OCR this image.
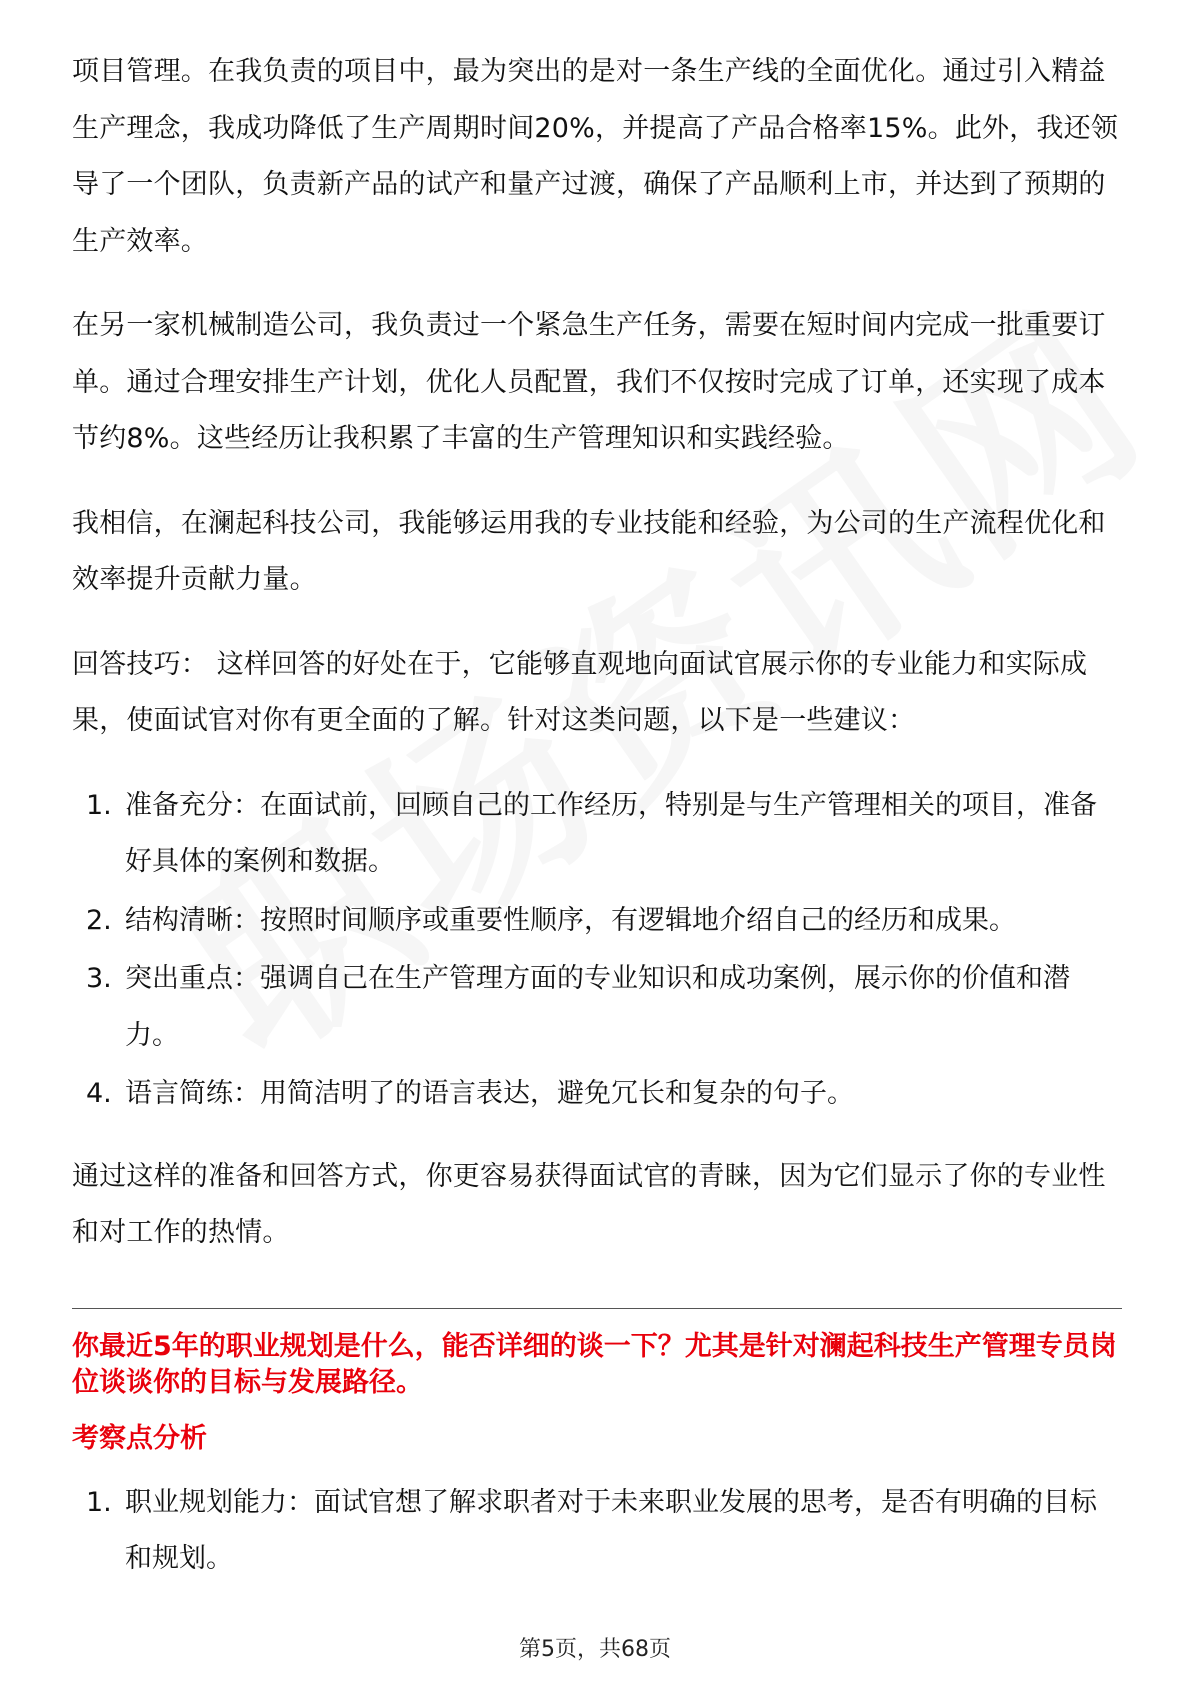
项目管理。在我负责的项目中，最为突出的是对一条生产线的全面优化。通过引入精益生产理念，我成功降低了生产周期时间20%，并提高了产品合格率15%。此外，我还领导了一个团队，负责新产品的试产和量产过渡，确保了产品顺利上市，并达到了预期的生产效率。

在另一家机械制造公司，我负责过一个紧急生产任务，需要在短时间内完成一批重要订单。通过合理安排生产计划，优化人员配置，我们不仅按时完成了订单，还实现了成本节约8%。这些经历让我积累了丰富的生产管理知识和实践经验。

我相信，在澜起科技公司，我能够运用我的专业技能和经验，为公司的生产流程优化和效率提升贡献力量。

回答技巧： 这样回答的好处在于，它能够直观地向面试官展示你的专业能力和实际成果，使面试官对你有更全面的了解。针对这类问题，以下是一些建议：

1. 准备充分：在面试前，回顾自己的工作经历，特别是与生产管理相关的项目，准备好具体的案例和数据。
2. 结构清晰：按照时间顺序或重要性顺序，有逻辑地介绍自己的经历和成果。
3. 突出重点：强调自己在生产管理方面的专业知识和成功案例，展示你的价值和潜力。
4. 语言简练：用简洁明了的语言表达，避免冗长和复杂的句子。

通过这样的准备和回答方式，你更容易获得面试官的青睐，因为它们显示了你的专业性和对工作的热情。

你最近5年的职业规划是什么，能否详细的谈一下？尤其是针对澜起科技生产管理专员岗位谈谈你的目标与发展路径。
考察点分析
1. 职业规划能力：面试官想了解求职者对于未来职业发展的思考，是否有明确的目标和规划。
第5页，共68页
